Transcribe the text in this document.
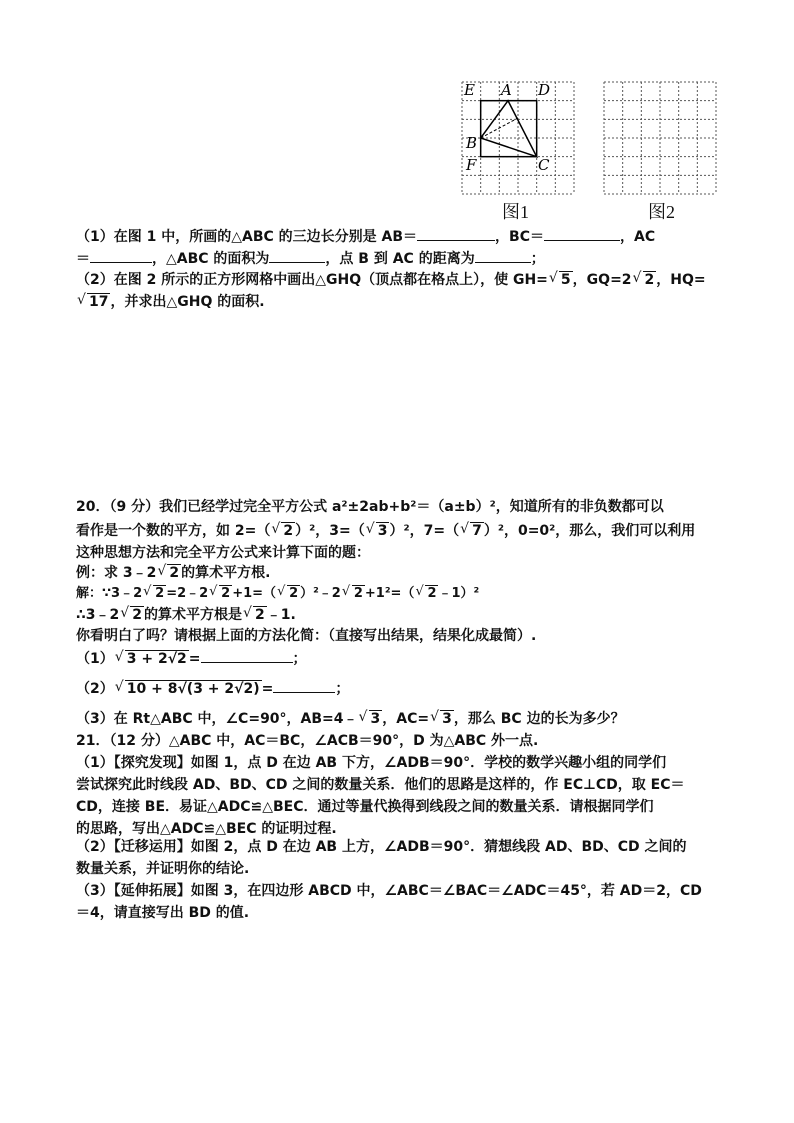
E A D
B
F	C
图1	图2
（1）在图 1 中，所画的△ABC 的三边长分别是 AB＝	，BC＝	，AC
＝	，△ABC 的面积为	，点 B 到 AC 的距离为	；
（2）在图 2 所示的正方形网格中画出△GHQ（顶点都在格点上），使 GH= √ 5 ，GQ=2 √ 2 ，HQ=
√ 17 ，并求出△GHQ 的面积.
20．（9 分）我们已经学过完全平方公式 a²±2ab+b²＝（a±b）²，知道所有的非负数都可以
看作是一个数的平方，如 2=（ √ 2 ）²，3=（ √ 3 ）²，7=（ √ 7 ）²，0=0²，那么，我们可以利用
这种思想方法和完全平方公式来计算下面的题：
例：求 3﹣2 √ 2 的算术平方根.
解：∵3﹣2 √ 2 =2﹣2 √ 2 +1=（ √ 2 ）²﹣2 √ 2 +1²=（ √ 2 ﹣1）²
∴3﹣2 √ 2 的算术平方根是 √ 2 ﹣1.
你看明白了吗？请根据上面的方法化简：（直接写出结果，结果化成最简）.
（1） √ 3 + 2√2 =	；
（2） √ 10 + 8√(3 + 2√2) =	；
（3）在 Rt△ABC 中，∠C=90°，AB=4﹣ √ 3 ，AC= √ 3 ，那么 BC 边的长为多少？
21．（12 分）△ABC 中，AC＝BC，∠ACB＝90°，D 为△ABC 外一点.
（1）【探究发现】如图 1，点 D 在边 AB 下方，∠ADB＝90°．学校的数学兴趣小组的同学们
尝试探究此时线段 AD、BD、CD 之间的数量关系．他们的思路是这样的，作 EC⊥CD，取 EC＝
CD，连接 BE．易证△ADC≌△BEC．通过等量代换得到线段之间的数量关系．请根据同学们
的思路，写出△ADC≌△BEC 的证明过程.
（2）【迁移运用】如图 2，点 D 在边 AB 上方，∠ADB＝90°．猜想线段 AD、BD、CD 之间的
数量关系，并证明你的结论.
（3）【延伸拓展】如图 3，在四边形 ABCD 中，∠ABC＝∠BAC＝∠ADC＝45°，若 AD＝2，CD
＝4，请直接写出 BD 的值.
